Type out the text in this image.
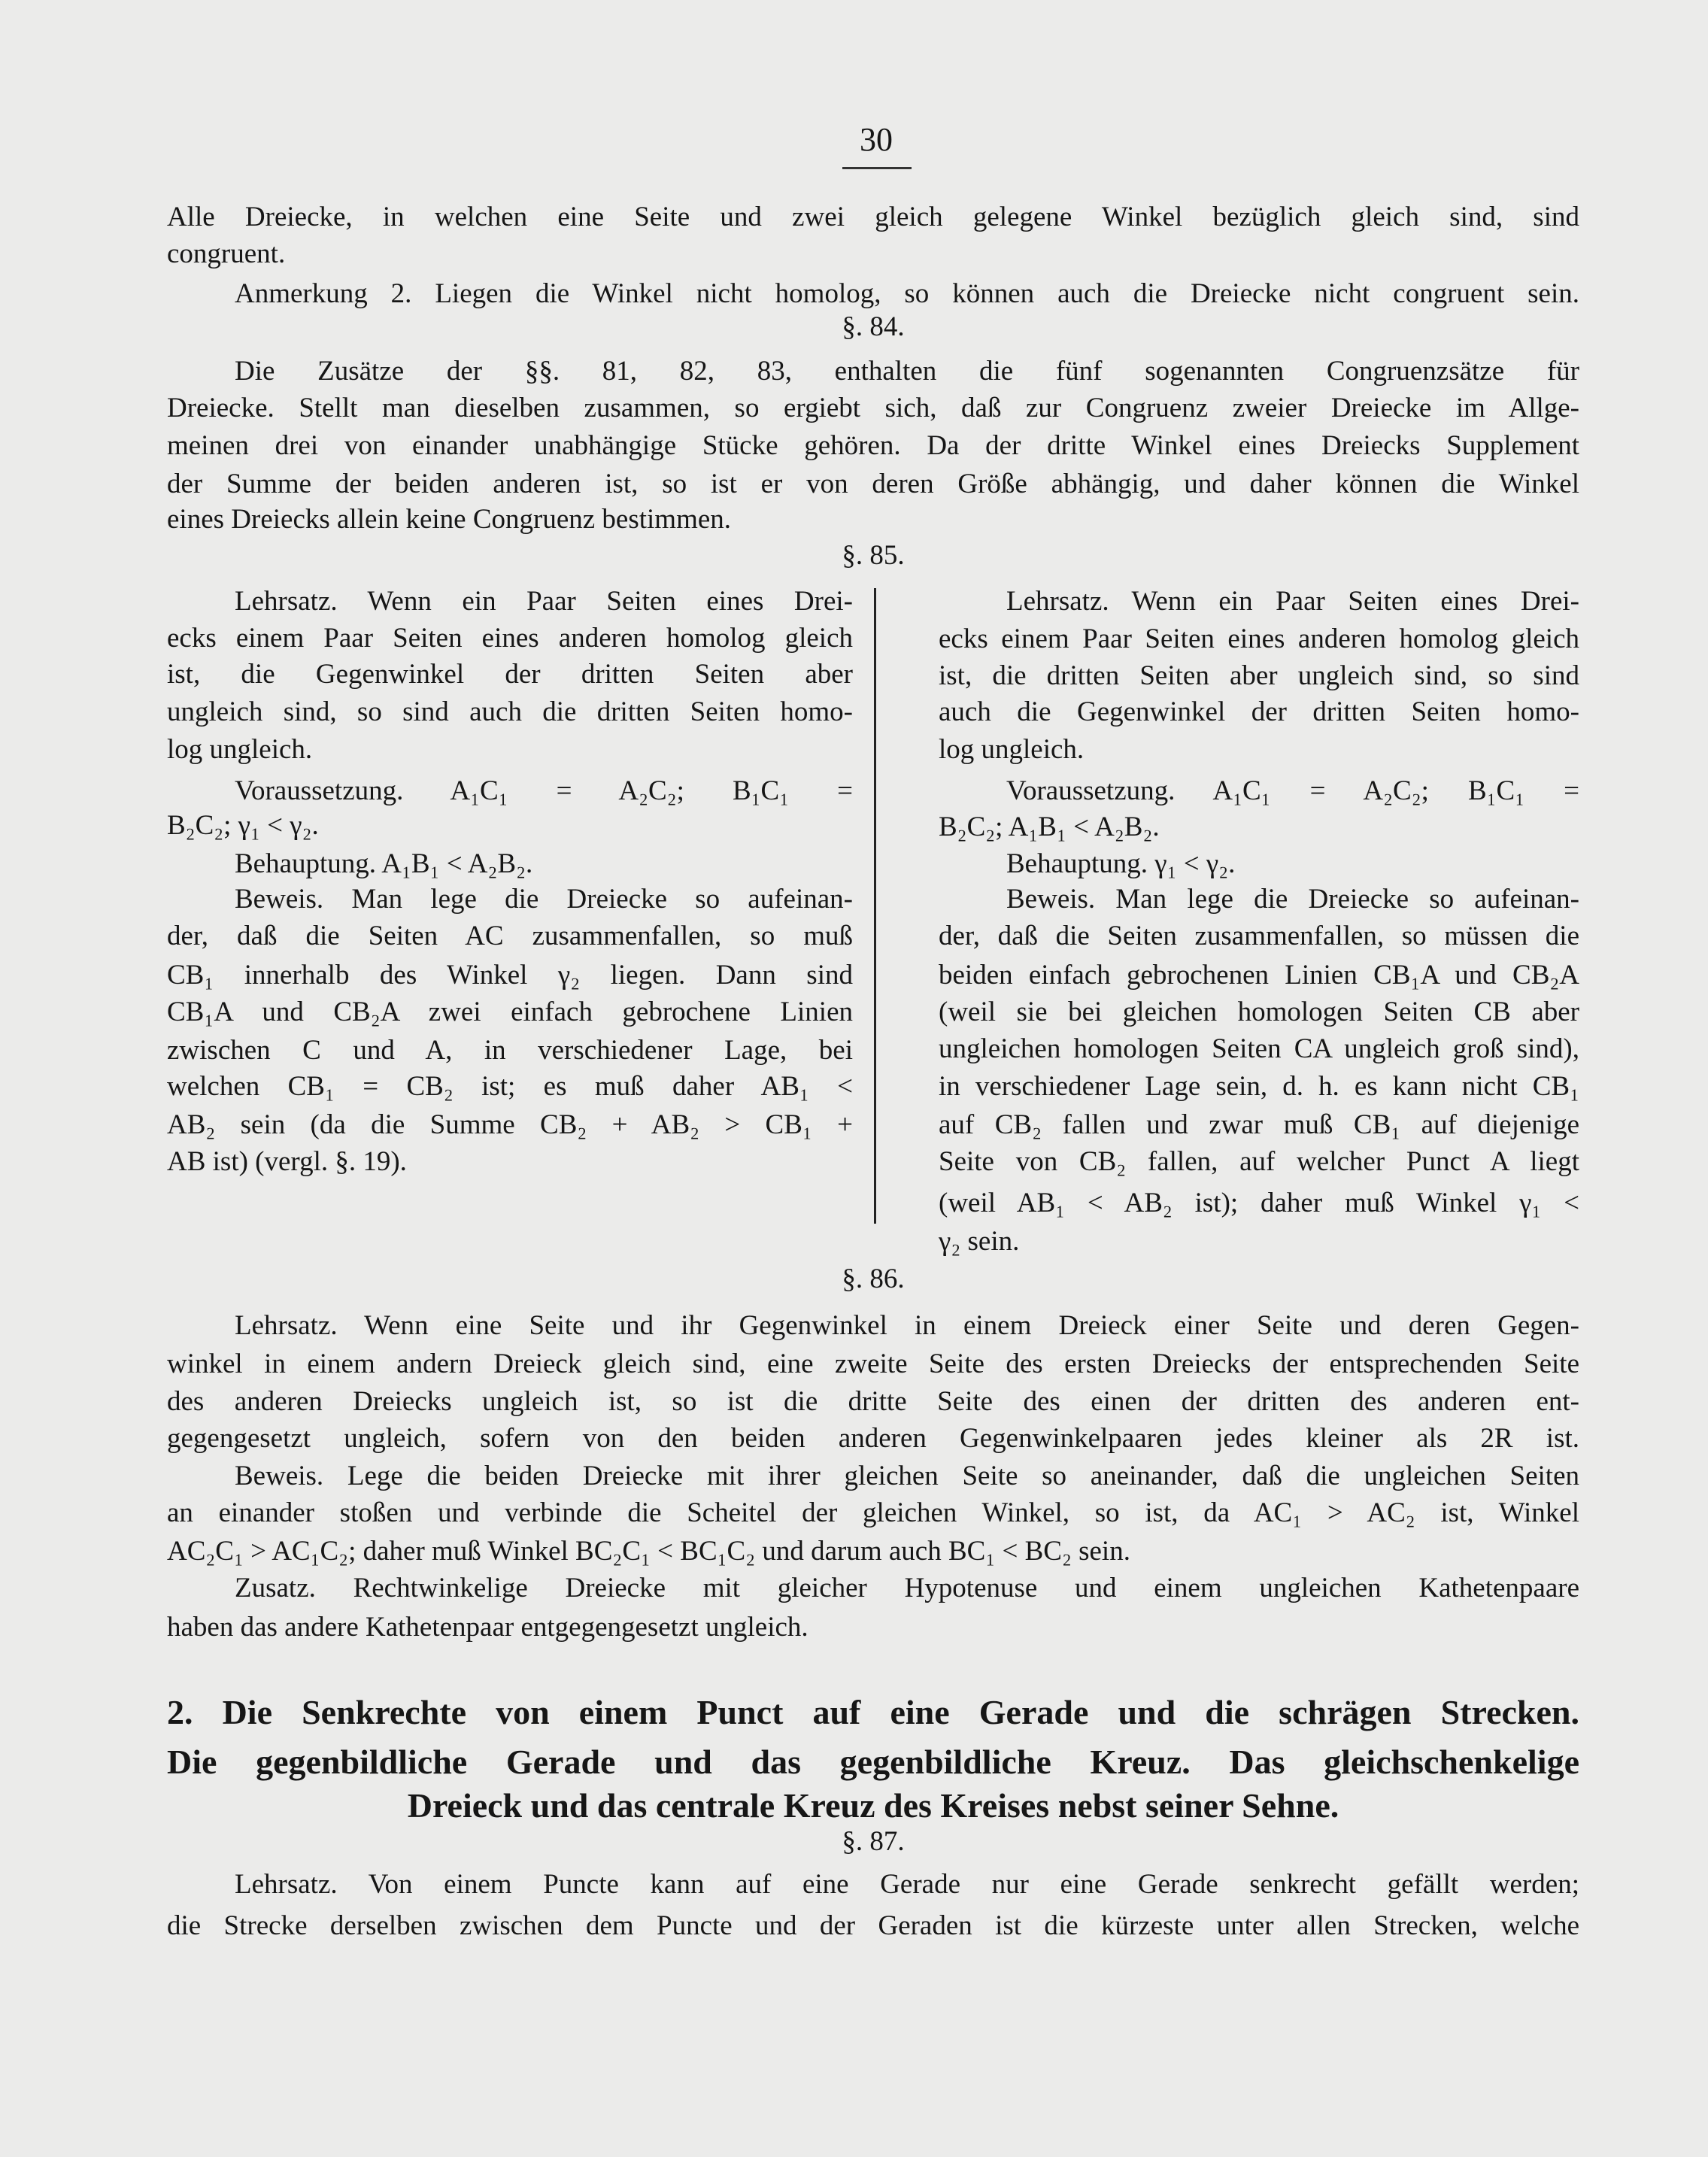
30
Alle Dreiecke, in welchen eine Seite und zwei gleich gelegene Winkel bezüglich gleich sind, sind
congruent.
Anmerkung 2. Liegen die Winkel nicht homolog, so können auch die Dreiecke nicht congruent sein.
§. 84.
Die Zusätze der §§. 81, 82, 83, enthalten die fünf sogenannten Congruenzsätze für
Dreiecke. Stellt man dieselben zusammen, so ergiebt sich, daß zur Congruenz zweier Dreiecke im Allge-
meinen drei von einander unabhängige Stücke gehören. Da der dritte Winkel eines Dreiecks Supplement
der Summe der beiden anderen ist, so ist er von deren Größe abhängig, und daher können die Winkel
eines Dreiecks allein keine Congruenz bestimmen.
§. 85.
Lehrsatz. Wenn ein Paar Seiten eines Drei-
ecks einem Paar Seiten eines anderen homolog gleich
ist, die Gegenwinkel der dritten Seiten aber
ungleich sind, so sind auch die dritten Seiten homo-
log ungleich.
Voraussetzung. A₁C₁ = A₂C₂; B₁C₁ =
B₂C₂; γ₁ < γ₂.
Behauptung. A₁B₁ < A₂B₂.
Beweis. Man lege die Dreiecke so aufeinan-
der, daß die Seiten AC zusammenfallen, so muß
CB₁ innerhalb des Winkel γ₂ liegen. Dann sind
CB₁A und CB₂A zwei einfach gebrochene Linien
zwischen C und A, in verschiedener Lage, bei
welchen CB₁ = CB₂ ist; es muß daher AB₁ <
AB₂ sein (da die Summe CB₂ + AB₂ > CB₁ +
AB ist) (vergl. §. 19).
Lehrsatz. Wenn ein Paar Seiten eines Drei-
ecks einem Paar Seiten eines anderen homolog gleich
ist, die dritten Seiten aber ungleich sind, so sind
auch die Gegenwinkel der dritten Seiten homo-
log ungleich.
Voraussetzung. A₁C₁ = A₂C₂; B₁C₁ =
B₂C₂; A₁B₁ < A₂B₂.
Behauptung. γ₁ < γ₂.
Beweis. Man lege die Dreiecke so aufeinan-
der, daß die Seiten zusammenfallen, so müssen die
beiden einfach gebrochenen Linien CB₁A und CB₂A
(weil sie bei gleichen homologen Seiten CB aber
ungleichen homologen Seiten CA ungleich groß sind),
in verschiedener Lage sein, d. h. es kann nicht CB₁
auf CB₂ fallen und zwar muß CB₁ auf diejenige
Seite von CB₂ fallen, auf welcher Punct A liegt
(weil AB₁ < AB₂ ist); daher muß Winkel γ₁ <
γ₂ sein.
§. 86.
Lehrsatz. Wenn eine Seite und ihr Gegenwinkel in einem Dreieck einer Seite und deren Gegen-
winkel in einem andern Dreieck gleich sind, eine zweite Seite des ersten Dreiecks der entsprechenden Seite
des anderen Dreiecks ungleich ist, so ist die dritte Seite des einen der dritten des anderen ent-
gegengesetzt ungleich, sofern von den beiden anderen Gegenwinkelpaaren jedes kleiner als 2R ist.
Beweis. Lege die beiden Dreiecke mit ihrer gleichen Seite so aneinander, daß die ungleichen Seiten
an einander stoßen und verbinde die Scheitel der gleichen Winkel, so ist, da AC₁ > AC₂ ist, Winkel
AC₂C₁ > AC₁C₂; daher muß Winkel BC₂C₁ < BC₁C₂ und darum auch BC₁ < BC₂ sein.
Zusatz. Rechtwinkelige Dreiecke mit gleicher Hypotenuse und einem ungleichen Kathetenpaare
haben das andere Kathetenpaar entgegengesetzt ungleich.
2. Die Senkrechte von einem Punct auf eine Gerade und die schrägen Strecken.
Die gegenbildliche Gerade und das gegenbildliche Kreuz. Das gleichschenkelige
Dreieck und das centrale Kreuz des Kreises nebst seiner Sehne.
§. 87.
Lehrsatz. Von einem Puncte kann auf eine Gerade nur eine Gerade senkrecht gefällt werden;
die Strecke derselben zwischen dem Puncte und der Geraden ist die kürzeste unter allen Strecken, welche
